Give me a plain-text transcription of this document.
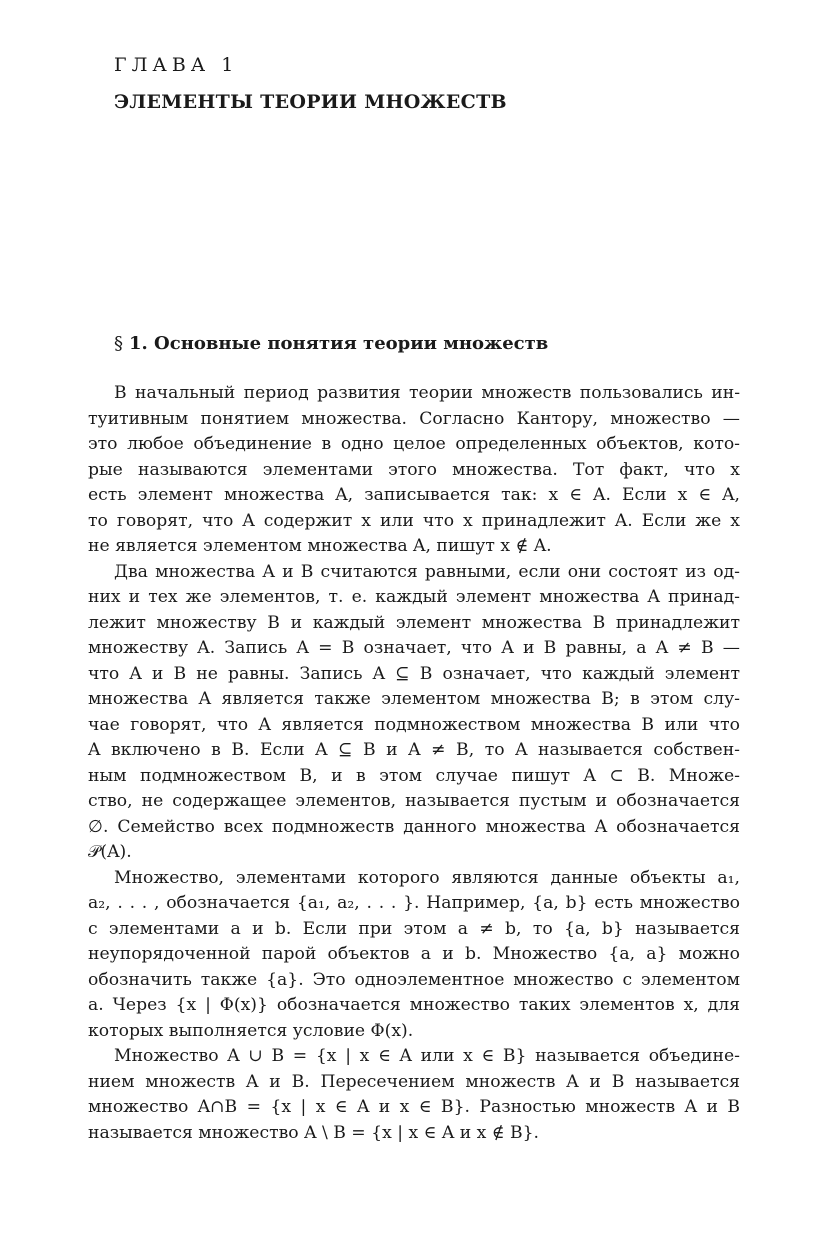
ГЛАВА 1
ЭЛЕМЕНТЫ ТЕОРИИ МНОЖЕСТВ
§ 1. Основные понятия теории множеств
В начальный период развития теории множеств пользовались ин-
туитивным понятием множества. Согласно Кантору, множество —
это любое объединение в одно целое определенных объектов, кото-
рые называются элементами этого множества. Тот факт, что x
есть элемент множества A, записывается так: x ∈ A. Если x ∈ A,
то говорят, что A содержит x или что x принадлежит A. Если же x
не является элементом множества A, пишут x ∉ A.
Два множества A и B считаются равными, если они состоят из од-
них и тех же элементов, т. е. каждый элемент множества A принад-
лежит множеству B и каждый элемент множества B принадлежит
множеству A. Запись A = B означает, что A и B равны, а A ≠ B —
что A и B не равны. Запись A ⊆ B означает, что каждый элемент
множества A является также элементом множества B; в этом слу-
чае говорят, что A является подмножеством множества B или что
A включено в B. Если A ⊆ B и A ≠ B, то A называется собствен-
ным подмножеством B, и в этом случае пишут A ⊂ B. Множе-
ство, не содержащее элементов, называется пустым и обозначается
∅. Семейство всех подмножеств данного множества A обозначается
𝒫(A).
Множество, элементами которого являются данные объекты a₁,
a₂, . . . , обозначается {a₁, a₂, . . . }. Например, {a, b} есть множество
с элементами a и b. Если при этом a ≠ b, то {a, b} называется
неупорядоченной парой объектов a и b. Множество {a, a} можно
обозначить также {a}. Это одноэлементное множество с элементом
a. Через {x | Φ(x)} обозначается множество таких элементов x, для
которых выполняется условие Φ(x).
Множество A ∪ B = {x | x ∈ A или x ∈ B} называется объедине-
нием множеств A и B. Пересечением множеств A и B называется
множество A∩B = {x | x ∈ A и x ∈ B}. Разностью множеств A и B
называется множество A \ B = {x | x ∈ A и x ∉ B}.
